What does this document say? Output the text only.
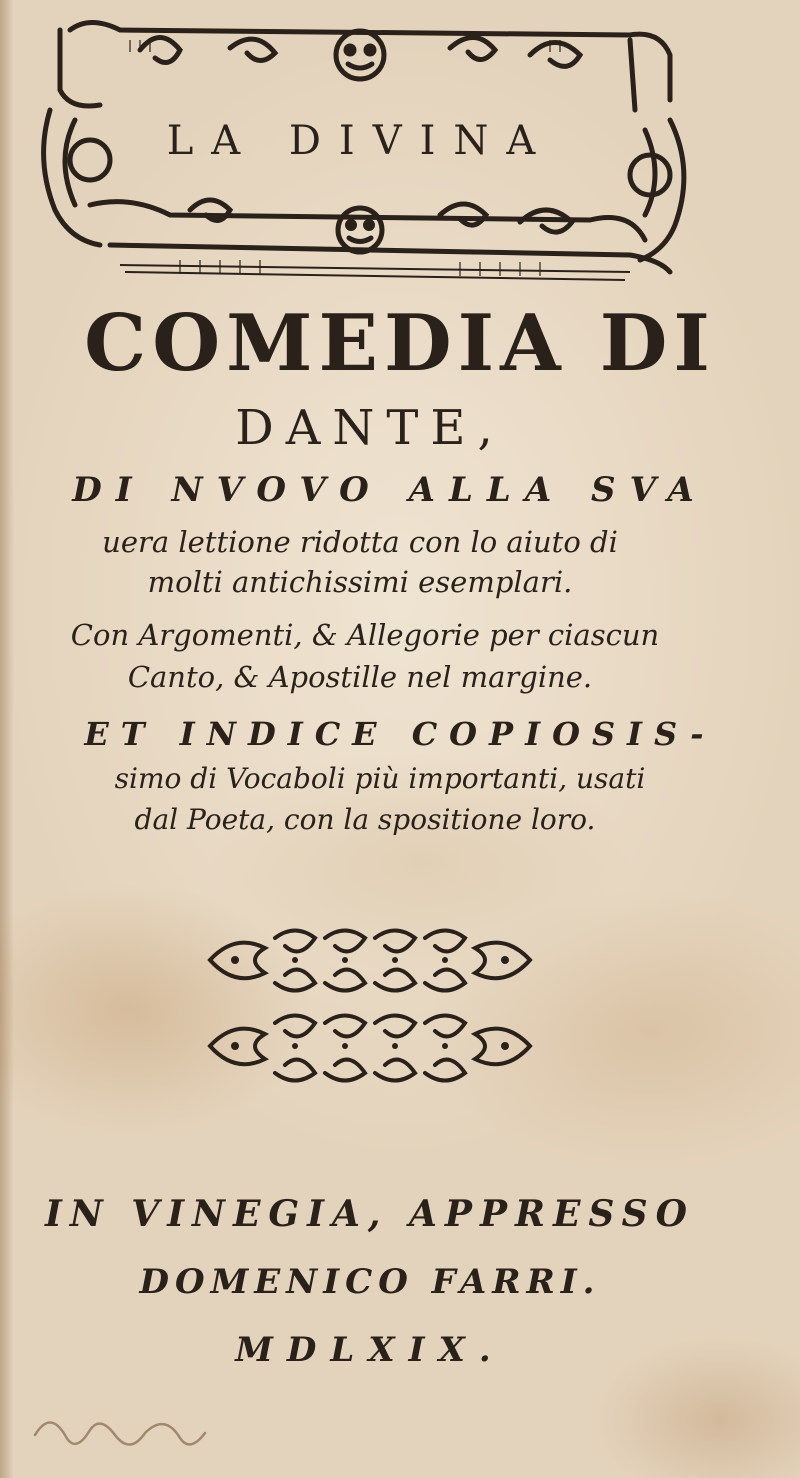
LA DIVINA
COMEDIA DI
DANTE,
DI NVOVO ALLA SVA
uera lettione ridotta con lo aiuto di
molti antichissimi esemplari.
Con Argomenti, & Allegorie per ciascun
Canto, & Apostille nel margine.
ET INDICE COPIOSIS-
simo di Vocaboli più importanti, usati
dal Poeta, con la spositione loro.
IN VINEGIA, APPRESSO
DOMENICO FARRI.
MDLXIX.
